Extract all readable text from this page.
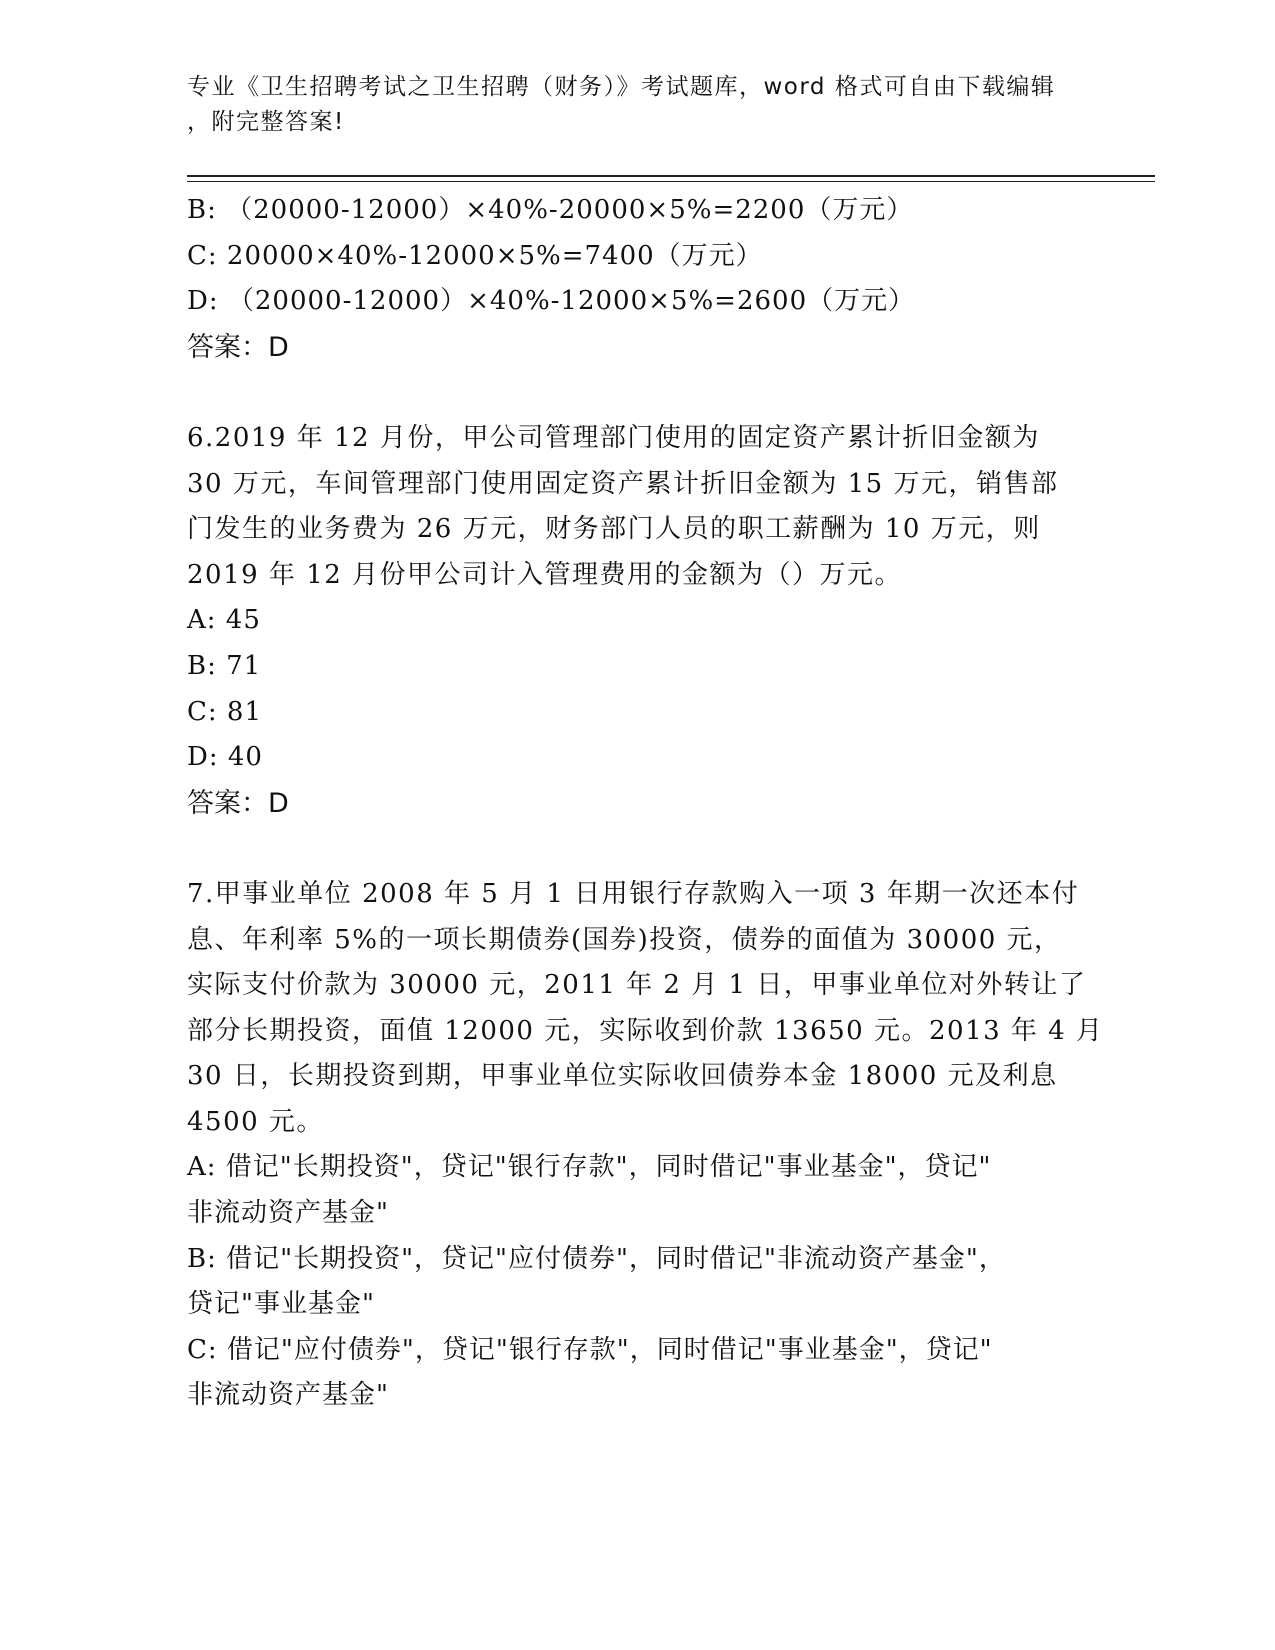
专业《卫生招聘考试之卫生招聘（财务）》考试题库，word 格式可自由下载编辑
，附完整答案!
B: （20000-12000）×40%-20000×5%=2200（万元）
C: 20000×40%-12000×5%=7400（万元）
D: （20000-12000）×40%-12000×5%=2600（万元）
答案：D
6.2019 年 12 月份，甲公司管理部门使用的固定资产累计折旧金额为
30 万元，车间管理部门使用固定资产累计折旧金额为 15 万元，销售部
门发生的业务费为 26 万元，财务部门人员的职工薪酬为 10 万元，则
2019 年 12 月份甲公司计入管理费用的金额为（）万元。
A: 45
B: 71
C: 81
D: 40
答案：D
7.甲事业单位 2008 年 5 月 1 日用银行存款购入一项 3 年期一次还本付
息、年利率 5%的一项长期债券(国券)投资，债券的面值为 30000 元，
实际支付价款为 30000 元，2011 年 2 月 1 日，甲事业单位对外转让了
部分长期投资，面值 12000 元，实际收到价款 13650 元。2013 年 4 月
30 日，长期投资到期，甲事业单位实际收回债券本金 18000 元及利息
4500 元。
A: 借记"长期投资"，贷记"银行存款"，同时借记"事业基金"，贷记"
非流动资产基金"
B: 借记"长期投资"，贷记"应付债券"，同时借记"非流动资产基金"，
贷记"事业基金"
C: 借记"应付债券"，贷记"银行存款"，同时借记"事业基金"，贷记"
非流动资产基金"
